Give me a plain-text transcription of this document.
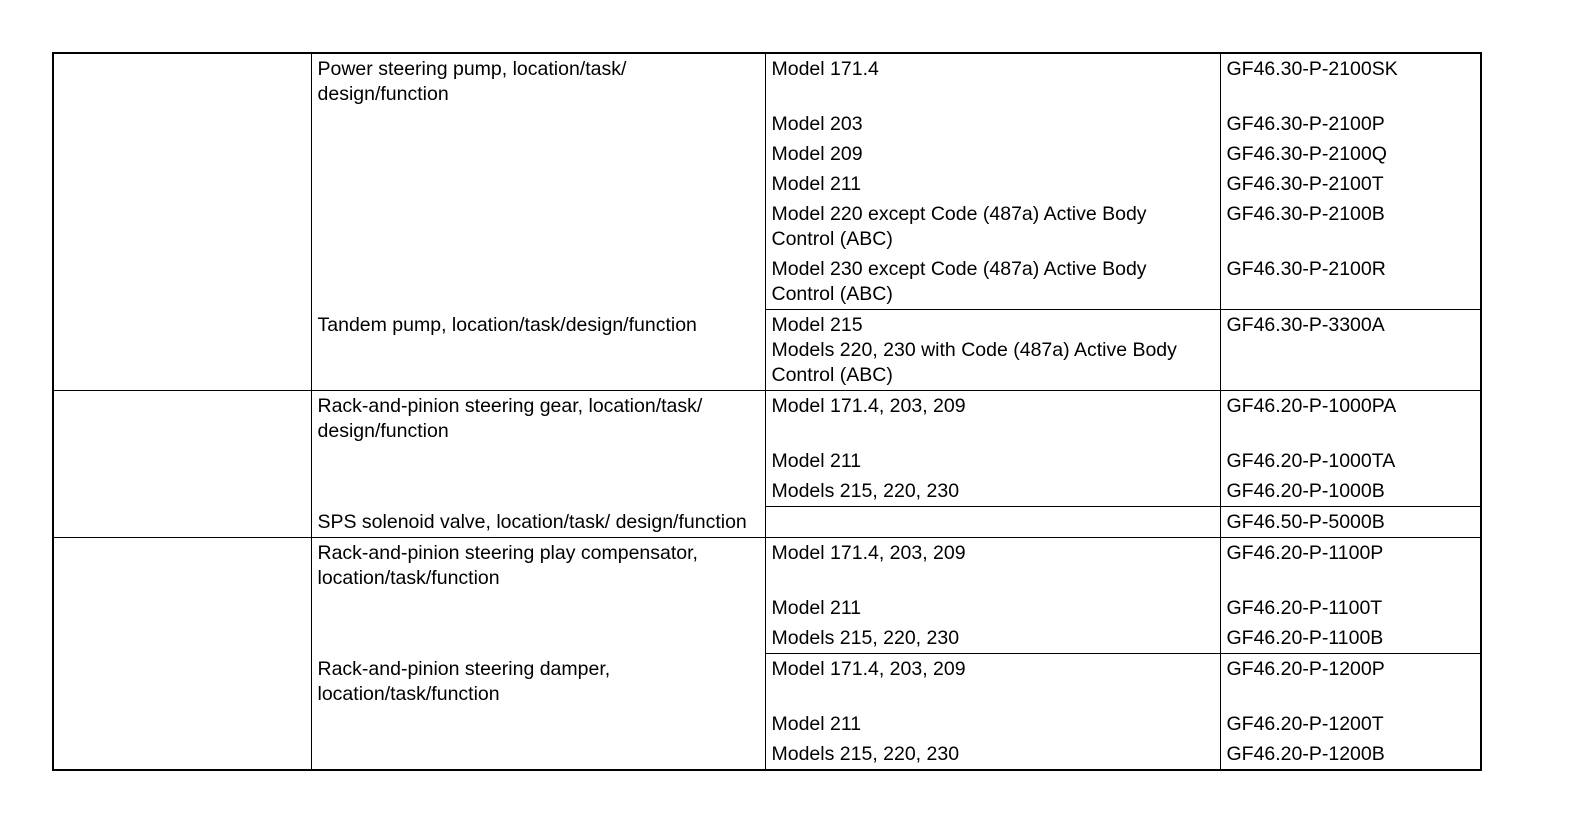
	Power steering pump, location/task/ design/function	Model 171.4	GF46.30-P-2100SK
		Model 203	GF46.30-P-2100P
		Model 209	GF46.30-P-2100Q
		Model 211	GF46.30-P-2100T
		Model 220 except Code (487a) Active Body Control (ABC)	GF46.30-P-2100B
		Model 230 except Code (487a) Active Body Control (ABC)	GF46.30-P-2100R
	Tandem pump, location/task/design/function	Model 215
Models 220, 230 with Code (487a) Active Body Control (ABC)	GF46.30-P-3300A
	Rack-and-pinion steering gear, location/task/ design/function	Model 171.4, 203, 209	GF46.20-P-1000PA
		Model 211	GF46.20-P-1000TA
		Models 215, 220, 230	GF46.20-P-1000B
	SPS solenoid valve, location/task/ design/function		GF46.50-P-5000B
	Rack-and-pinion steering play compensator, location/task/function	Model 171.4, 203, 209	GF46.20-P-1100P
		Model 211	GF46.20-P-1100T
		Models 215, 220, 230	GF46.20-P-1100B
	Rack-and-pinion steering damper, location/task/function	Model 171.4, 203, 209	GF46.20-P-1200P
		Model 211	GF46.20-P-1200T
		Models 215, 220, 230	GF46.20-P-1200B
